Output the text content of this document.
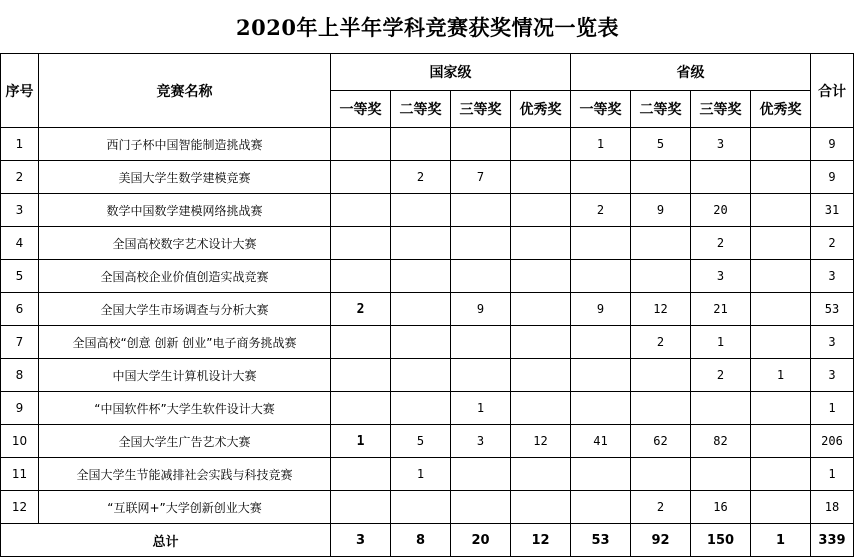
2020年上半年学科竞赛获奖情况一览表
序号	竞赛名称	国家级				省级				合计
		一等奖	二等奖	三等奖	优秀奖	一等奖	二等奖	三等奖	优秀奖	
1	西门子杯中国智能制造挑战赛					1	5	3		9
2	美国大学生数学建模竞赛		2	7						9
3	数学中国数学建模网络挑战赛					2	9	20		31
4	全国高校数字艺术设计大赛							2		2
5	全国高校企业价值创造实战竞赛							3		3
6	全国大学生市场调查与分析大赛	2		9		9	12	21		53
7	全国高校“创意 创新 创业”电子商务挑战赛						2	1		3
8	中国大学生计算机设计大赛							2	1	3
9	“中国软件杯”大学生软件设计大赛			1						1
10	全国大学生广告艺术大赛	1	5	3	12	41	62	82		206
11	全国大学生节能减排社会实践与科技竞赛		1							1
12	“互联网+”大学创新创业大赛						2	16		18
总计		3	8	20	12	53	92	150	1	339
